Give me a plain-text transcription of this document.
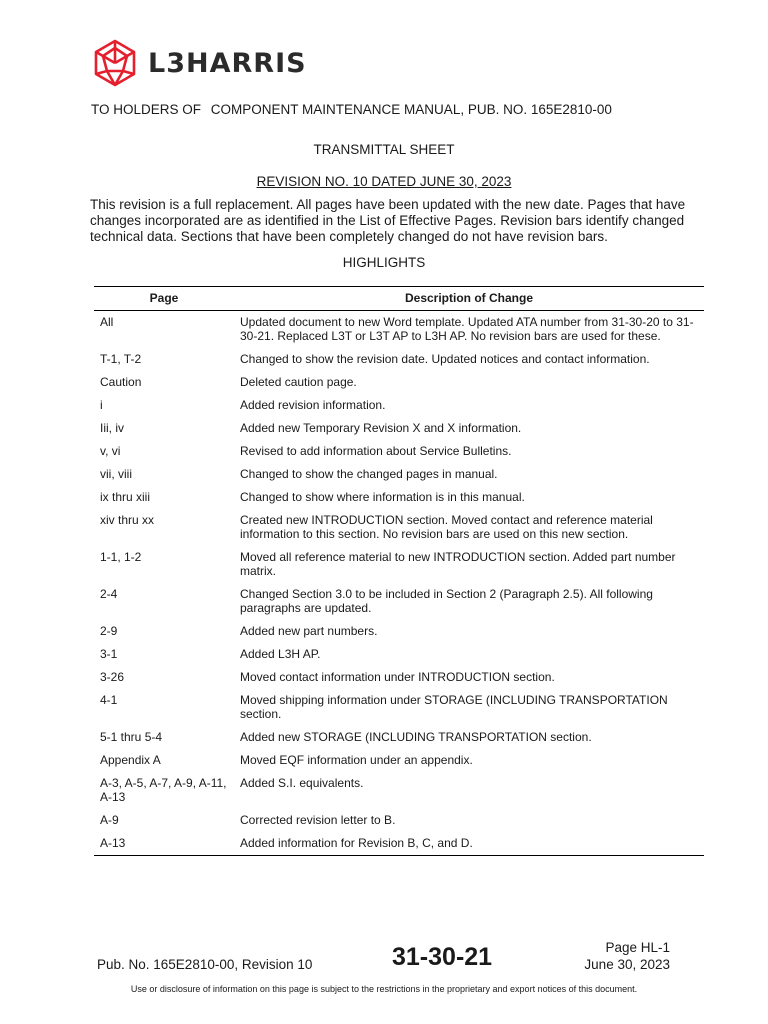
L3HARRIS
TO HOLDERS OF COMPONENT MAINTENANCE MANUAL, PUB. NO. 165E2810-00
TRANSMITTAL SHEET
REVISION NO. 10 DATED JUNE 30, 2023
This revision is a full replacement. All pages have been updated with the new date. Pages that have changes incorporated are as identified in the List of Effective Pages. Revision bars identify changed technical data. Sections that have been completely changed do not have revision bars.
HIGHLIGHTS
Page	Description of Change
All	Updated document to new Word template. Updated ATA number from 31-30-20 to 31-30-21. Replaced L3T or L3T AP to L3H AP. No revision bars are used for these.
T-1, T-2	Changed to show the revision date. Updated notices and contact information.
Caution	Deleted caution page.
i	Added revision information.
Iii, iv	Added new Temporary Revision X and X information.
v, vi	Revised to add information about Service Bulletins.
vii, viii	Changed to show the changed pages in manual.
ix thru xiii	Changed to show where information is in this manual.
xiv thru xx	Created new INTRODUCTION section. Moved contact and reference material information to this section. No revision bars are used on this new section.
1-1, 1-2	Moved all reference material to new INTRODUCTION section. Added part number matrix.
2-4	Changed Section 3.0 to be included in Section 2 (Paragraph 2.5). All following paragraphs are updated.
2-9	Added new part numbers.
3-1	Added L3H AP.
3-26	Moved contact information under INTRODUCTION section.
4-1	Moved shipping information under STORAGE (INCLUDING TRANSPORTATION section.
5-1 thru 5-4	Added new STORAGE (INCLUDING TRANSPORTATION section.
Appendix A	Moved EQF information under an appendix.
A-3, A-5, A-7, A-9, A-11, A-13	Added S.I. equivalents.
A-9	Corrected revision letter to B.
A-13	Added information for Revision B, C, and D.
Pub. No. 165E2810-00, Revision 10	31-30-21	Page HL-1
June 30, 2023
Use or disclosure of information on this page is subject to the restrictions in the proprietary and export notices of this document.
